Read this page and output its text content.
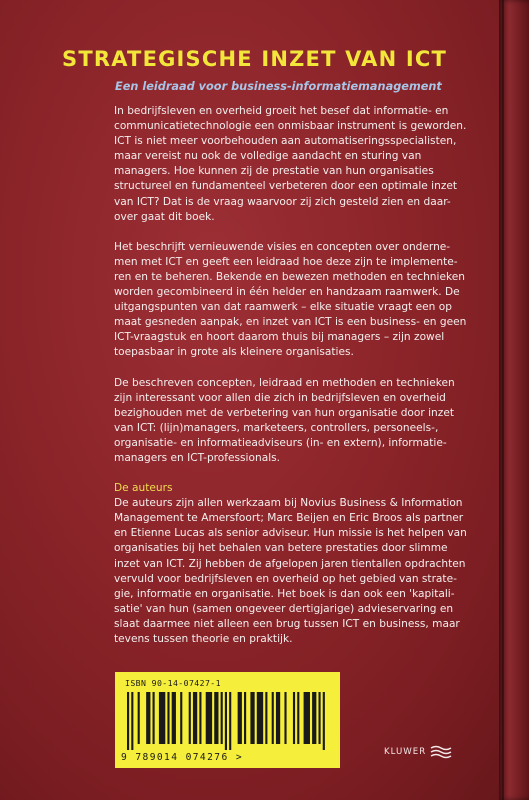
STRATEGISCHE INZET VAN ICT
Een leidraad voor business-informatiemanagement

In bedrijfsleven en overheid groeit het besef dat informatie- en
communicatietechnologie een onmisbaar instrument is geworden.
ICT is niet meer voorbehouden aan automatiseringsspecialisten,
maar vereist nu ook de volledige aandacht en sturing van
managers. Hoe kunnen zij de prestatie van hun organisaties
structureel en fundamenteel verbeteren door een optimale inzet
van ICT? Dat is de vraag waarvoor zij zich gesteld zien en daar-
over gaat dit boek.

Het beschrijft vernieuwende visies en concepten over onderne-
men met ICT en geeft een leidraad hoe deze zijn te implemente-
ren en te beheren. Bekende en bewezen methoden en technieken
worden gecombineerd in één helder en handzaam raamwerk. De
uitgangspunten van dat raamwerk – elke situatie vraagt een op
maat gesneden aanpak, en inzet van ICT is een business- en geen
ICT-vraagstuk en hoort daarom thuis bij managers – zijn zowel
toepasbaar in grote als kleinere organisaties.

De beschreven concepten, leidraad en methoden en technieken
zijn interessant voor allen die zich in bedrijfsleven en overheid
bezighouden met de verbetering van hun organisatie door inzet
van ICT: (lijn)managers, marketeers, controllers, personeels-,
organisatie- en informatieadviseurs (in- en extern), informatie-
managers en ICT-professionals.

De auteurs

De auteurs zijn allen werkzaam bij Novius Business & Information
Management te Amersfoort; Marc Beijen en Eric Broos als partner
en Etienne Lucas als senior adviseur. Hun missie is het helpen van
organisaties bij het behalen van betere prestaties door slimme
inzet van ICT. Zij hebben de afgelopen jaren tientallen opdrachten
vervuld voor bedrijfsleven en overheid op het gebied van strate-
gie, informatie en organisatie. Het boek is dan ook een 'kapitali-
satie' van hun (samen ongeveer dertigjarige) advieservaring en
slaat daarmee niet alleen een brug tussen ICT en business, maar
tevens tussen theorie en praktijk.

ISBN 90-14-07427-1
9 789014 074276 >	KLUWER
